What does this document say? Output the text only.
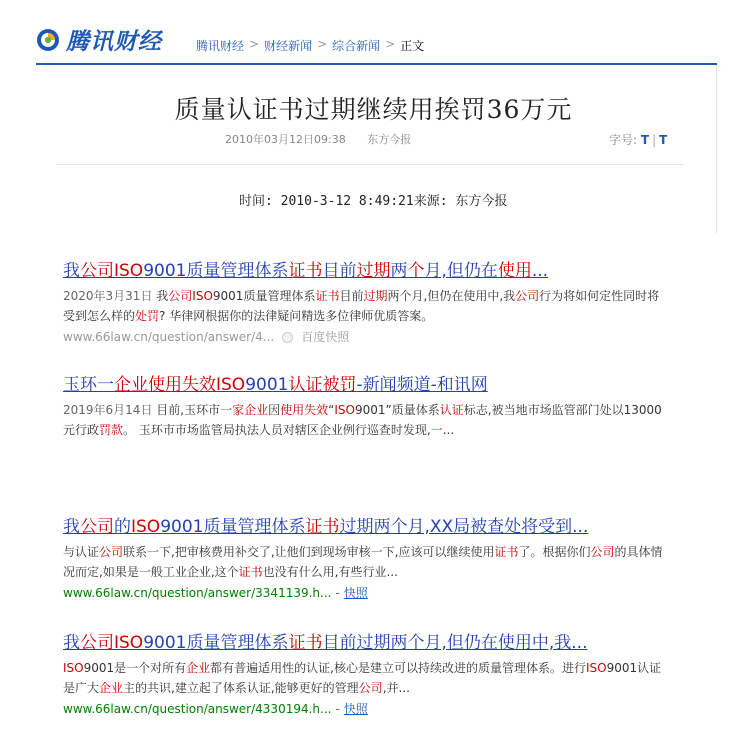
腾讯财经	腾讯财经 > 财经新闻 > 综合新闻 > 正文
质量认证书过期继续用挨罚36万元
2010年03月12日09:38 东方今报	字号: T | T
时间: 2010-3-12 8:49:21来源: 东方今报
我公司ISO9001质量管理体系证书目前过期两个月,但仍在使用...
2020年3月31日 我公司ISO9001质量管理体系证书目前过期两个月,但仍在使用中,我公司行为将如何定性同时将受到怎么样的处罚? 华律网根据你的法律疑问精选多位律师优质答案。
www.66law.cn/question/answer/4... 百度快照
玉环一企业使用失效ISO9001认证被罚-新闻频道-和讯网
2019年6月14日 目前,玉环市一家企业因使用失效“ISO9001”质量体系认证标志,被当地市场监管部门处以13000元行政罚款。 玉环市市场监管局执法人员对辖区企业例行巡查时发现,一...
我公司的ISO9001质量管理体系证书过期两个月,XX局被查处将受到...
与认证公司联系一下,把审核费用补交了,让他们到现场审核一下,应该可以继续使用证书了。根据你们公司的具体情况而定,如果是一般工业企业,这个证书也没有什么用,有些行业...
www.66law.cn/question/answer/3341139.h... - 快照
我公司ISO9001质量管理体系证书目前过期两个月,但仍在使用中,我...
ISO9001是一个对所有企业都有普遍适用性的认证,核心是建立可以持续改进的质量管理体系。进行ISO9001认证是广大企业主的共识,建立起了体系认证,能够更好的管理公司,并...
www.66law.cn/question/answer/4330194.h... - 快照
